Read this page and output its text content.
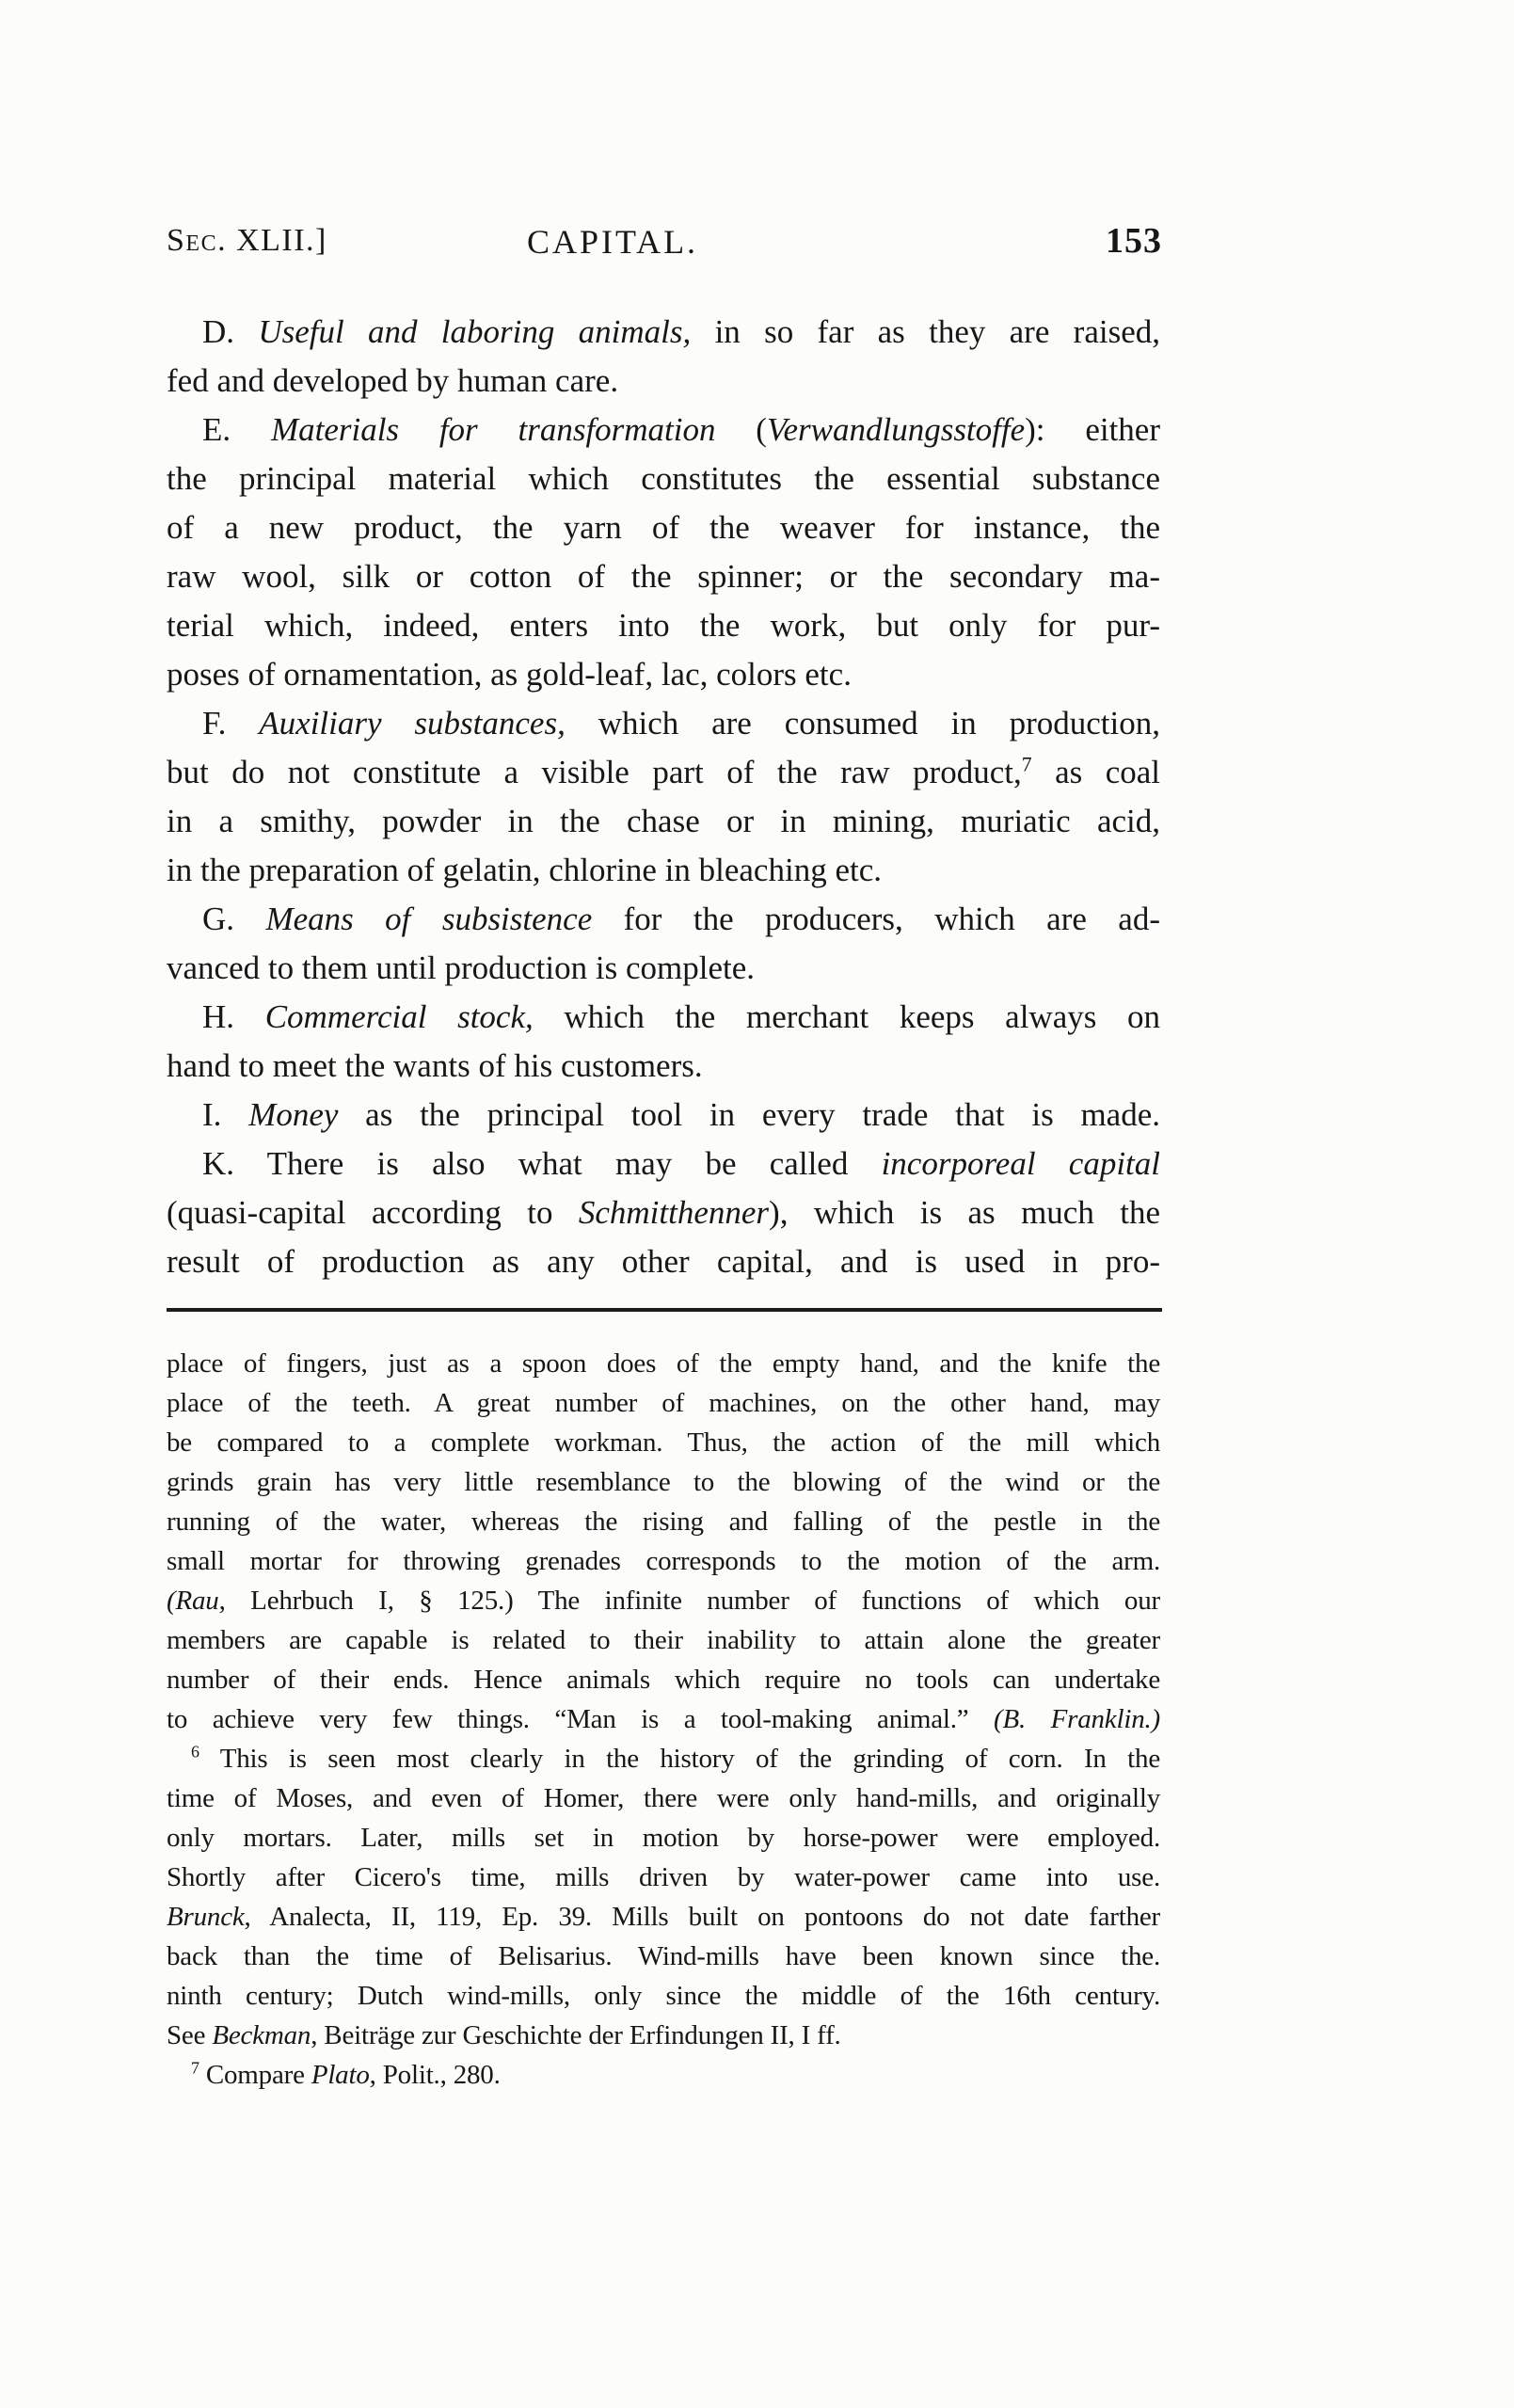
Sec. XLII.]	CAPITAL.	153
D. Useful and laboring animals, in so far as they are raised,
fed and developed by human care.
E. Materials for transformation (Verwandlungsstoffe): either
the principal material which constitutes the essential substance
of a new product, the yarn of the weaver for instance, the
raw wool, silk or cotton of the spinner; or the secondary ma-
terial which, indeed, enters into the work, but only for pur-
poses of ornamentation, as gold-leaf, lac, colors etc.
F. Auxiliary substances, which are consumed in production,
but do not constitute a visible part of the raw product,$^7$ as coal
in a smithy, powder in the chase or in mining, muriatic acid,
in the preparation of gelatin, chlorine in bleaching etc.
G. Means of subsistence for the producers, which are ad-
vanced to them until production is complete.
H. Commercial stock, which the merchant keeps always on
hand to meet the wants of his customers.
I. Money as the principal tool in every trade that is made.
K. There is also what may be called incorporeal capital
(quasi-capital according to Schmitthenner), which is as much the
result of production as any other capital, and is used in pro-
place of fingers, just as a spoon does of the empty hand, and the knife the
place of the teeth. A great number of machines, on the other hand, may
be compared to a complete workman. Thus, the action of the mill which
grinds grain has very little resemblance to the blowing of the wind or the
running of the water, whereas the rising and falling of the pestle in the
small mortar for throwing grenades corresponds to the motion of the arm.
(Rau, Lehrbuch I, § 125.) The infinite number of functions of which our
members are capable is related to their inability to attain alone the greater
number of their ends. Hence animals which require no tools can undertake
to achieve very few things. “Man is a tool-making animal.” (B. Franklin.)
$^6$ This is seen most clearly in the history of the grinding of corn. In the
time of Moses, and even of Homer, there were only hand-mills, and originally
only mortars. Later, mills set in motion by horse-power were employed.
Shortly after Cicero's time, mills driven by water-power came into use.
Brunck, Analecta, II, 119, Ep. 39. Mills built on pontoons do not date farther
back than the time of Belisarius. Wind-mills have been known since the.
ninth century; Dutch wind-mills, only since the middle of the 16th century.
See Beckman, Beiträge zur Geschichte der Erfindungen II, I ff.
$^7$ Compare Plato, Polit., 280.
